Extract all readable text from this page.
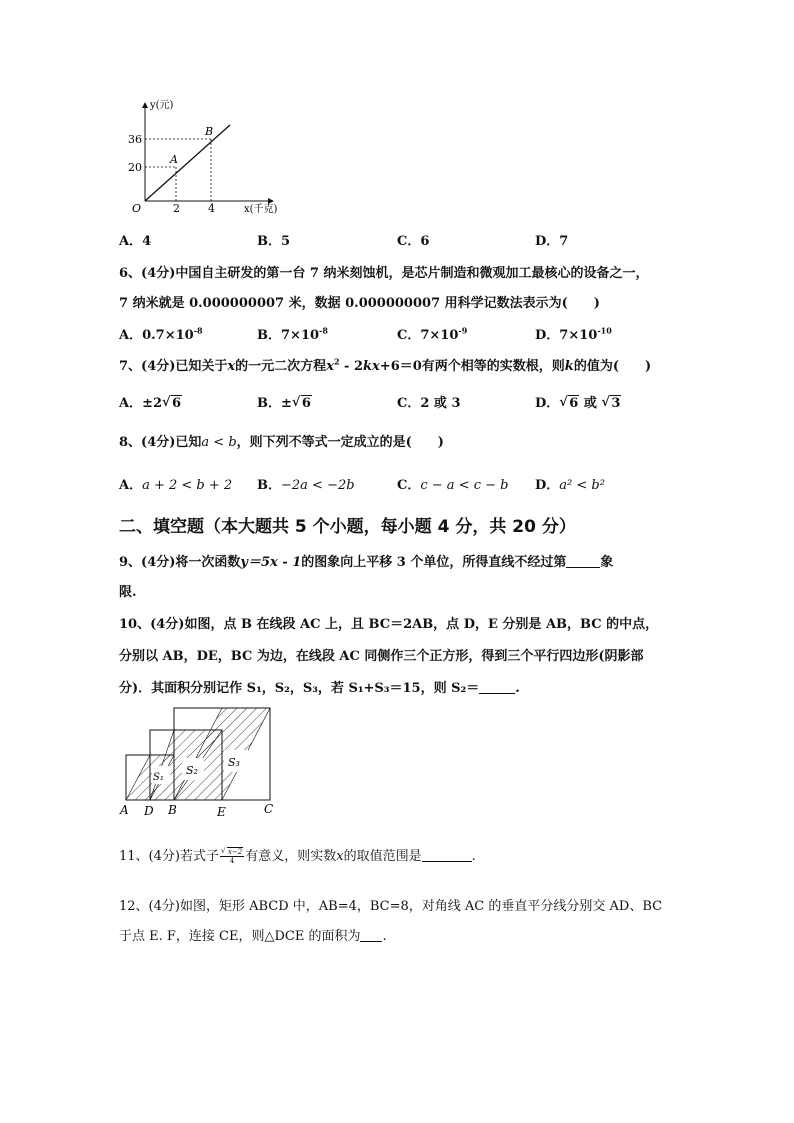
y(元)
x(千克)
O
36
20
2	4
A
B
A．4	B．5	C．6	D．7
6、(4分)中国自主研发的第一台 7 纳米刻蚀机，是芯片制造和微观加工最核心的设备之一，
7 纳米就是 0.000000007 米，数据 0.000000007 用科学记数法表示为(　　)
A．$0.7\times 10^{-8}$	B．$7\times 10^{-8}$	C．$7\times 10^{-9}$	D．$7\times 10^{-10}$
7、(4分)已知关于x的一元二次方程$x^2 - 2kx+6=0$有两个相等的实数根，则k的值为(　　)
A．±2 √ 6	B．± √ 6	C．2 或 3	D． √ 6 或 √ 3
8、(4分)已知a < b，则下列不等式一定成立的是(　　)
A．a + 2 < b + 2 B．−2a < −2b	C．c − a < c − b D．a² < b²
二、填空题（本大题共 5 个小题，每小题 4 分，共 20 分）
9、(4分)将一次函数y＝5x - 1的图象向上平移 3 个单位，所得直线不经过第	象
限.
10、(4分)如图，点 B 在线段 AC 上，且 BC＝2AB，点 D，E 分别是 AB，BC 的中点，
分别以 AB，DE，BC 为边，在线段 AC 同侧作三个正方形，得到三个平行四边形(阴影部
分)．其面积分别记作 S₁，S₂，S₃，若 S₁+S₃＝15，则 S₂＝	.
S₁
S₂
S₃
A D B	E	C
11、(4分)若式子 √ $\frac{x-2}{4}$有意义，则实数x的取值范围是	.
12、(4分)如图，矩形 ABCD 中，AB=4，BC=8，对角线 AC 的垂直平分线分别交 AD、BC
于点 E. F，连接 CE，则△DCE 的面积为 .
